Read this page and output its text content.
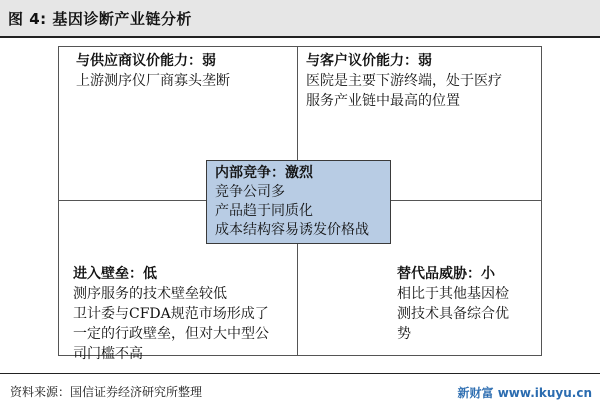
图 4: 基因诊断产业链分析
与供应商议价能力：弱
上游测序仪厂商寡头垄断
与客户议价能力：弱
医院是主要下游终端，处于医疗
服务产业链中最高的位置
进入壁垒：低
测序服务的技术壁垒较低
卫计委与CFDA规范市场形成了
一定的行政壁垒，但对大中型公
司门槛不高
替代品威胁：小
相比于其他基因检
测技术具备综合优
势
内部竞争：激烈
竞争公司多
产品趋于同质化
成本结构容易诱发价格战
资料来源：国信证券经济研究所整理	新财富 www.ikuyu.cn
